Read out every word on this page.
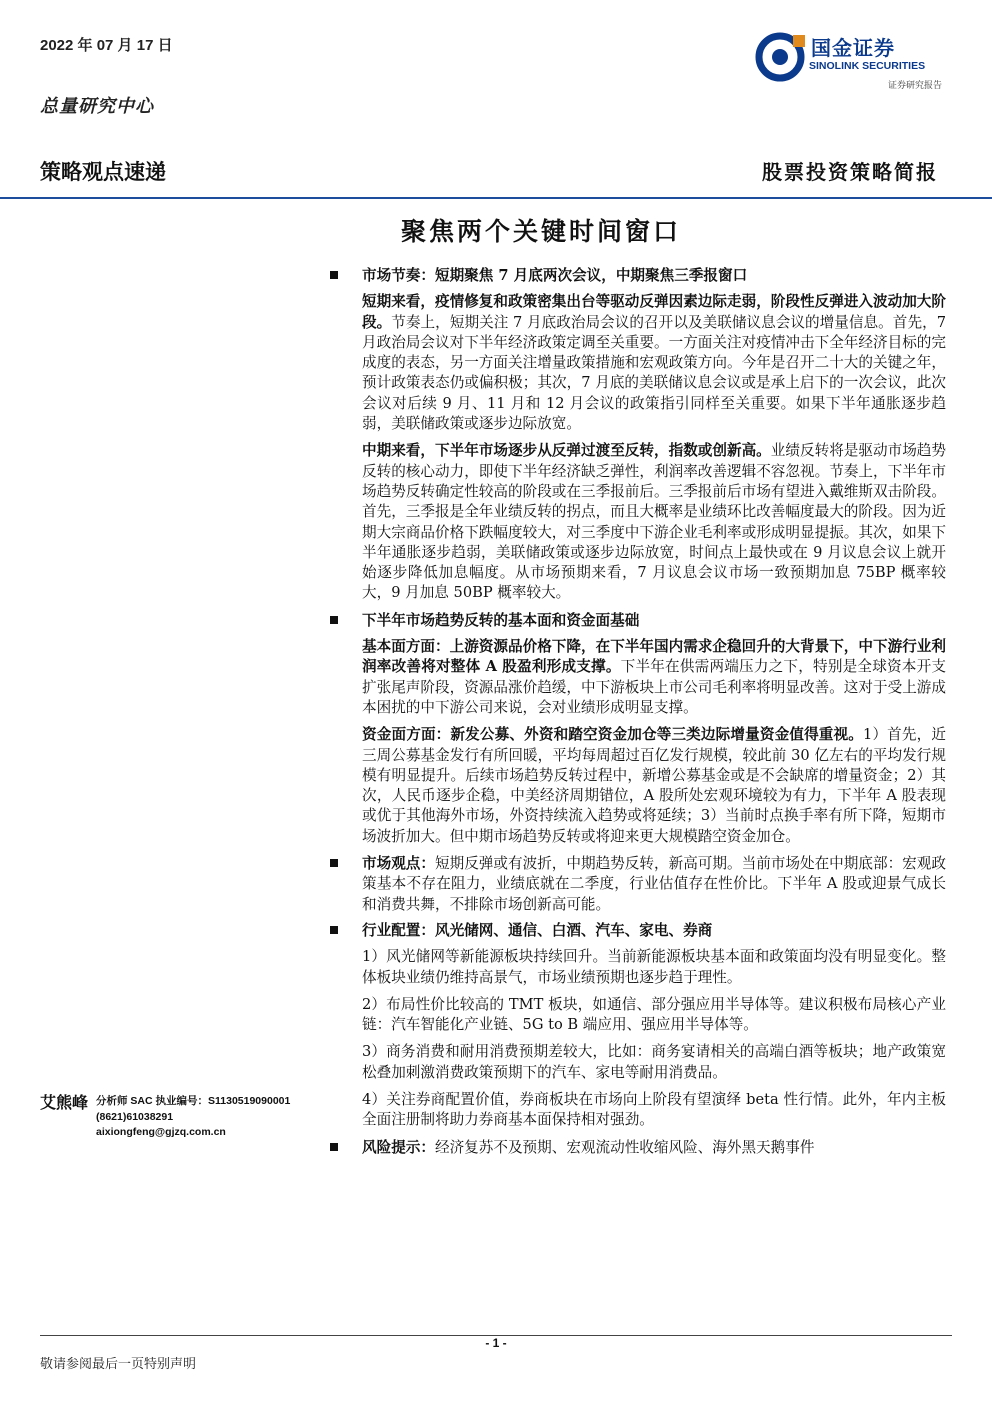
2022 年 07 月 17 日
总量研究中心
国金证券
SINOLINK SECURITIES
证券研究报告
策略观点速递	股票投资策略简报
聚焦两个关键时间窗口
市场节奏：短期聚焦 7 月底两次会议，中期聚焦三季报窗口
短期来看，疫情修复和政策密集出台等驱动反弹因素边际走弱，阶段性反弹进入波动加大阶段。节奏上，短期关注 7 月底政治局会议的召开以及美联储议息会议的增量信息。首先，7 月政治局会议对下半年经济政策定调至关重要。一方面关注对疫情冲击下全年经济目标的完成度的表态，另一方面关注增量政策措施和宏观政策方向。今年是召开二十大的关键之年，预计政策表态仍或偏积极；其次，7 月底的美联储议息会议或是承上启下的一次会议，此次会议对后续 9 月、11 月和 12 月会议的政策指引同样至关重要。如果下半年通胀逐步趋弱，美联储政策或逐步边际放宽。
中期来看，下半年市场逐步从反弹过渡至反转，指数或创新高。业绩反转将是驱动市场趋势反转的核心动力，即使下半年经济缺乏弹性，利润率改善逻辑不容忽视。节奏上，下半年市场趋势反转确定性较高的阶段或在三季报前后。三季报前后市场有望进入戴维斯双击阶段。首先，三季报是全年业绩反转的拐点，而且大概率是业绩环比改善幅度最大的阶段。因为近期大宗商品价格下跌幅度较大，对三季度中下游企业毛利率或形成明显提振。其次，如果下半年通胀逐步趋弱，美联储政策或逐步边际放宽，时间点上最快或在 9 月议息会议上就开始逐步降低加息幅度。从市场预期来看，7 月议息会议市场一致预期加息 75BP 概率较大，9 月加息 50BP 概率较大。
下半年市场趋势反转的基本面和资金面基础
基本面方面：上游资源品价格下降，在下半年国内需求企稳回升的大背景下，中下游行业利润率改善将对整体 A 股盈利形成支撑。下半年在供需两端压力之下，特别是全球资本开支扩张尾声阶段，资源品涨价趋缓，中下游板块上市公司毛利率将明显改善。这对于受上游成本困扰的中下游公司来说，会对业绩形成明显支撑。
资金面方面：新发公募、外资和踏空资金加仓等三类边际增量资金值得重视。1）首先，近三周公募基金发行有所回暖，平均每周超过百亿发行规模，较此前 30 亿左右的平均发行规模有明显提升。后续市场趋势反转过程中，新增公募基金或是不会缺席的增量资金；2）其次，人民币逐步企稳，中美经济周期错位，A 股所处宏观环境较为有力，下半年 A 股表现或优于其他海外市场，外资持续流入趋势或将延续；3）当前时点换手率有所下降，短期市场波折加大。但中期市场趋势反转或将迎来更大规模踏空资金加仓。
市场观点：短期反弹或有波折，中期趋势反转，新高可期。当前市场处在中期底部：宏观政策基本不存在阻力，业绩底就在二季度，行业估值存在性价比。下半年 A 股或迎景气成长和消费共舞，不排除市场创新高可能。
行业配置：风光储网、通信、白酒、汽车、家电、券商
1）风光储网等新能源板块持续回升。当前新能源板块基本面和政策面均没有明显变化。整体板块业绩仍维持高景气，市场业绩预期也逐步趋于理性。
2）布局性价比较高的 TMT 板块，如通信、部分强应用半导体等。建议积极布局核心产业链：汽车智能化产业链、5G to B 端应用、强应用半导体等。
3）商务消费和耐用消费预期差较大，比如：商务宴请相关的高端白酒等板块；地产政策宽松叠加刺激消费政策预期下的汽车、家电等耐用消费品。
4）关注券商配置价值，券商板块在市场向上阶段有望演绎 beta 性行情。此外，年内主板全面注册制将助力券商基本面保持相对强劲。
风险提示：经济复苏不及预期、宏观流动性收缩风险、海外黑天鹅事件
艾熊峰 分析师 SAC 执业编号：S1130519090001
(8621)61038291
aixiongfeng@gjzq.com.cn
- 1 -
敬请参阅最后一页特别声明
